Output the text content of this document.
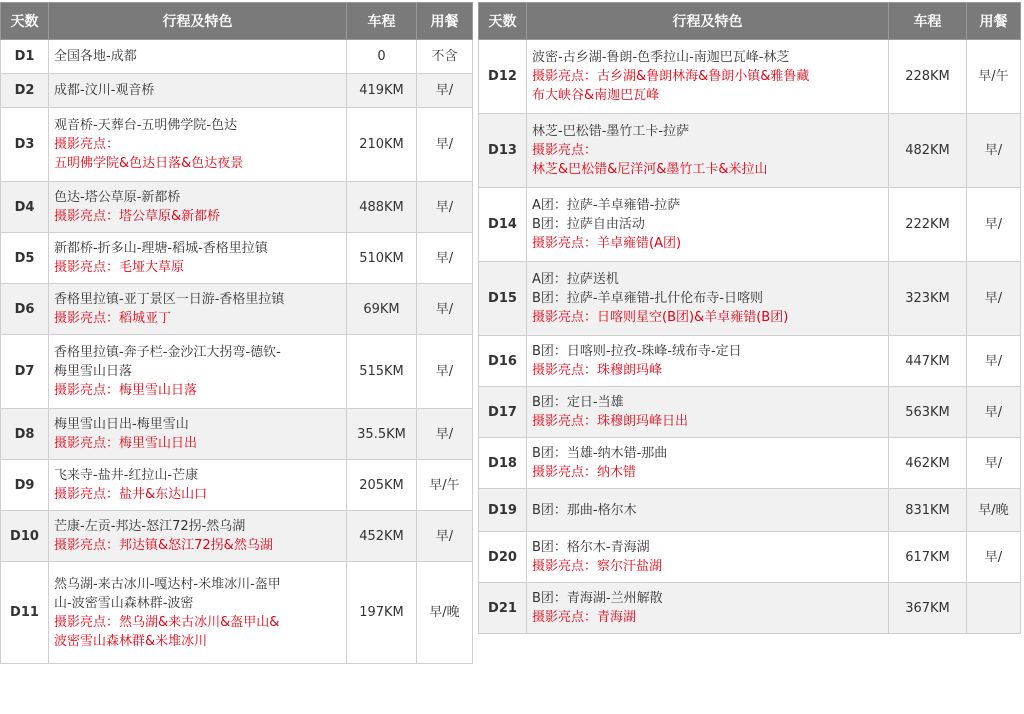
天数	行程及特色	车程	用餐
D1	全国各地-成都	0	不含
D2	成都-汶川-观音桥	419KM	早/
D3	观音桥-天葬台-五明佛学院-色达
摄影亮点：
五明佛学院&色达日落&色达夜景	210KM	早/
D4	色达-塔公草原-新都桥
摄影亮点：塔公草原&新都桥	488KM	早/
D5	新都桥-折多山-理塘-稻城-香格里拉镇
摄影亮点：毛垭大草原	510KM	早/
D6	香格里拉镇-亚丁景区一日游-香格里拉镇
摄影亮点：稻城亚丁	69KM	早/
D7	香格里拉镇-奔子栏-金沙江大拐弯-德钦-
梅里雪山日落
摄影亮点：梅里雪山日落	515KM	早/
D8	梅里雪山日出-梅里雪山
摄影亮点：梅里雪山日出	35.5KM	早/
D9	飞来寺-盐井-红拉山-芒康
摄影亮点：盐井&东达山口	205KM	早/午
D10	芒康-左贡-邦达-怒江72拐-然乌湖
摄影亮点：邦达镇&怒江72拐&然乌湖	452KM	早/
D11	然乌湖-来古冰川-嘎达村-米堆冰川-盔甲
山-波密雪山森林群-波密
摄影亮点：然乌湖&来古冰川&盔甲山&
波密雪山森林群&米堆冰川	197KM	早/晚
天数	行程及特色	车程	用餐
D12	波密-古乡湖-鲁朗-色季拉山-南迦巴瓦峰-林芝
摄影亮点：古乡湖&鲁朗林海&鲁朗小镇&雅鲁藏
布大峡谷&南迦巴瓦峰	228KM	早/午
D13	林芝-巴松错-墨竹工卡-拉萨
摄影亮点：
林芝&巴松错&尼洋河&墨竹工卡&米拉山	482KM	早/
D14	A团：拉萨-羊卓雍错-拉萨
B团：拉萨自由活动
摄影亮点：羊卓雍错(A团)	222KM	早/
D15	A团：拉萨送机
B团：拉萨-羊卓雍错-扎什伦布寺-日喀则
摄影亮点：日喀则星空(B团)&羊卓雍错(B团)	323KM	早/
D16	B团：日喀则-拉孜-珠峰-绒布寺-定日
摄影亮点：珠穆朗玛峰	447KM	早/
D17	B团：定日-当雄
摄影亮点：珠穆朗玛峰日出	563KM	早/
D18	B团：当雄-纳木错-那曲
摄影亮点：纳木错	462KM	早/
D19	B团：那曲-格尔木	831KM	早/晚
D20	B团：格尔木-青海湖
摄影亮点：察尔汗盐湖	617KM	早/
D21	B团：青海湖-兰州解散
摄影亮点：青海湖	367KM	
